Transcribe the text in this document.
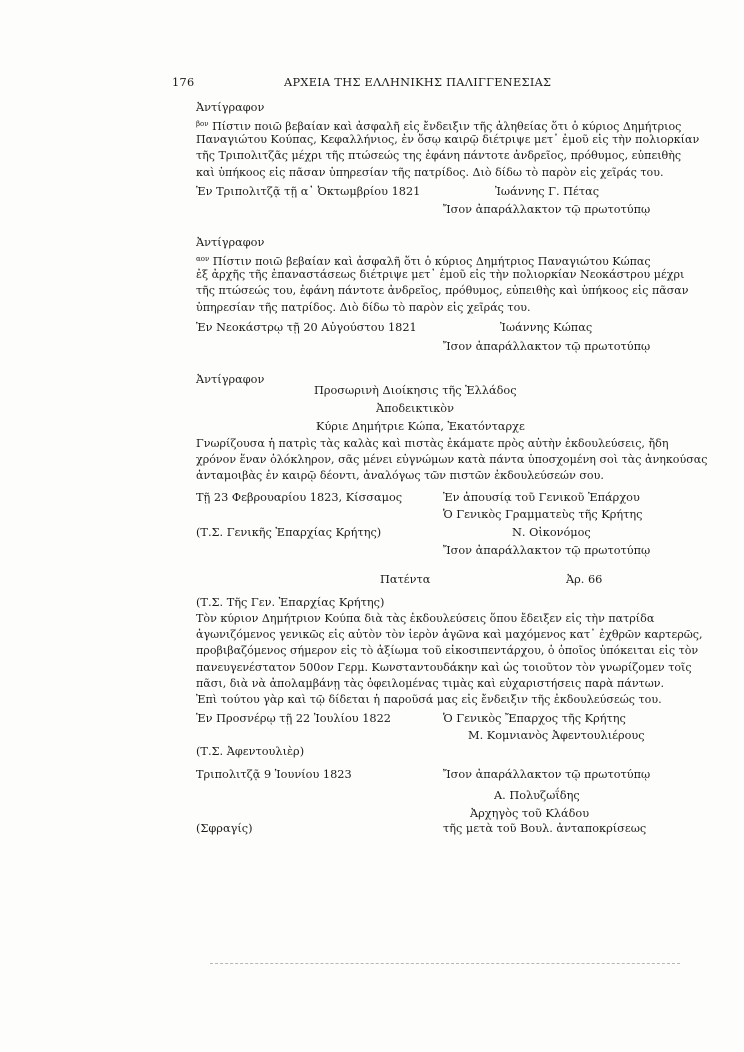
176	ΑΡΧΕΙΑ ΤΗΣ ΕΛΛΗΝΙΚΗΣ ΠΑΛΙΓΓΕΝΕΣΙΑΣ
Ἀντίγραφον
$^{\beta o\nu}$ Πίστιν ποιῶ βεβαίαν καὶ ἀσφαλῆ εἰς ἔνδειξιν τῆς ἀληθείας ὅτι ὁ κύριος Δημήτριος
Παναγιώτου Κούπας, Κεφαλλήνιος, ἐν ὅσῳ καιρῷ διέτριψε μετ᾽ ἐμοῦ εἰς τὴν πολιορκίαν
τῆς Τριπολιτζᾶς μέχρι τῆς πτώσεώς της ἐφάνη πάντοτε ἀνδρεῖος, πρόθυμος, εὐπειθὴς
καὶ ὑπήκοος εἰς πᾶσαν ὑπηρεσίαν τῆς πατρίδος. Διὸ δίδω τὸ παρὸν εἰς χεῖράς του.
Ἐν Τριπολιτζᾷ τῇ α᾽ Ὀκτωμβρίου 1821	Ἰωάννης Γ. Πέτας
Ἴσον ἀπαράλλακτον τῷ πρωτοτύπῳ
Ἀντίγραφον
$^{\alpha o\nu}$ Πίστιν ποιῶ βεβαίαν καὶ ἀσφαλῆ ὅτι ὁ κύριος Δημήτριος Παναγιώτου Κώπας
ἐξ ἀρχῆς τῆς ἐπαναστάσεως διέτριψε μετ᾽ ἐμοῦ εἰς τὴν πολιορκίαν Νεοκάστρου μέχρι
τῆς πτώσεώς του, ἐφάνη πάντοτε ἀνδρεῖος, πρόθυμος, εὐπειθὴς καὶ ὑπήκοος εἰς πᾶσαν
ὑπηρεσίαν τῆς πατρίδος. Διὸ δίδω τὸ παρὸν εἰς χεῖράς του.
Ἐν Νεοκάστρῳ τῇ 20 Αὐγούστου 1821	Ἰωάννης Κώπας
Ἴσον ἀπαράλλακτον τῷ πρωτοτύπῳ
Ἀντίγραφον
Προσωρινὴ Διοίκησις τῆς Ἑλλάδος
Ἀποδεικτικὸν
Κύριε Δημήτριε Κώπα, Ἑκατόνταρχε
Γνωρίζουσα ἡ πατρὶς τὰς καλὰς καὶ πιστὰς ἐκάματε πρὸς αὐτὴν ἐκδουλεύσεις, ἤδη
χρόνον ἕναν ὁλόκληρον, σᾶς μένει εὐγνώμων κατὰ πάντα ὑποσχομένη σοὶ τὰς ἀνηκούσας
ἀνταμοιβὰς ἐν καιρῷ δέοντι, ἀναλόγως τῶν πιστῶν ἐκδουλεύσεών σου.
Τῇ 23 Φεβρουαρίου 1823, Κίσσαμος	Ἐν ἀπουσίᾳ τοῦ Γενικοῦ Ἐπάρχου
Ὁ Γενικὸς Γραμματεὺς τῆς Κρήτης
(Τ.Σ. Γενικῆς Ἐπαρχίας Κρήτης)	Ν. Οἰκονόμος
Ἴσον ἀπαράλλακτον τῷ πρωτοτύπῳ
Πατέντα	Ἀρ. 66
(Τ.Σ. Τῆς Γεν. Ἐπαρχίας Κρήτης)
Τὸν κύριον Δημήτριον Κούπα διὰ τὰς ἐκδουλεύσεις ὅπου ἔδειξεν εἰς τὴν πατρίδα
ἀγωνιζόμενος γενικῶς εἰς αὐτὸν τὸν ἱερὸν ἀγῶνα καὶ μαχόμενος κατ᾽ ἐχθρῶν καρτερῶς,
προβιβαζόμενος σήμερον εἰς τὸ ἀξίωμα τοῦ εἰκοσιπεντάρχου, ὁ ὁποῖος ὑπόκειται εἰς τὸν
πανευγενέστατον 500ον Γερμ. Κωνσταντουδάκην καὶ ὡς τοιοῦτον τὸν γνωρίζομεν τοῖς
πᾶσι, διὰ νὰ ἀπολαμβάνῃ τὰς ὀφειλομένας τιμὰς καὶ εὐχαριστήσεις παρὰ πάντων.
Ἐπὶ τούτου γὰρ καὶ τῷ δίδεται ἡ παροῦσά μας εἰς ἔνδειξιν τῆς ἐκδουλεύσεώς του.
Ἐν Προσνέρῳ τῇ 22 Ἰουλίου 1822	Ὁ Γενικὸς Ἔπαρχος τῆς Κρήτης
Μ. Κομνιανὸς Ἀφεντουλιέρους
(Τ.Σ. Ἀφεντουλιὲρ)
Τριπολιτζᾷ 9 Ἰουνίου 1823	Ἴσον ἀπαράλλακτον τῷ πρωτοτύπῳ
Α. Πολυζωΐδης
Ἀρχηγὸς τοῦ Κλάδου
(Σφραγίς)	τῆς μετὰ τοῦ Βουλ. ἀνταποκρίσεως
